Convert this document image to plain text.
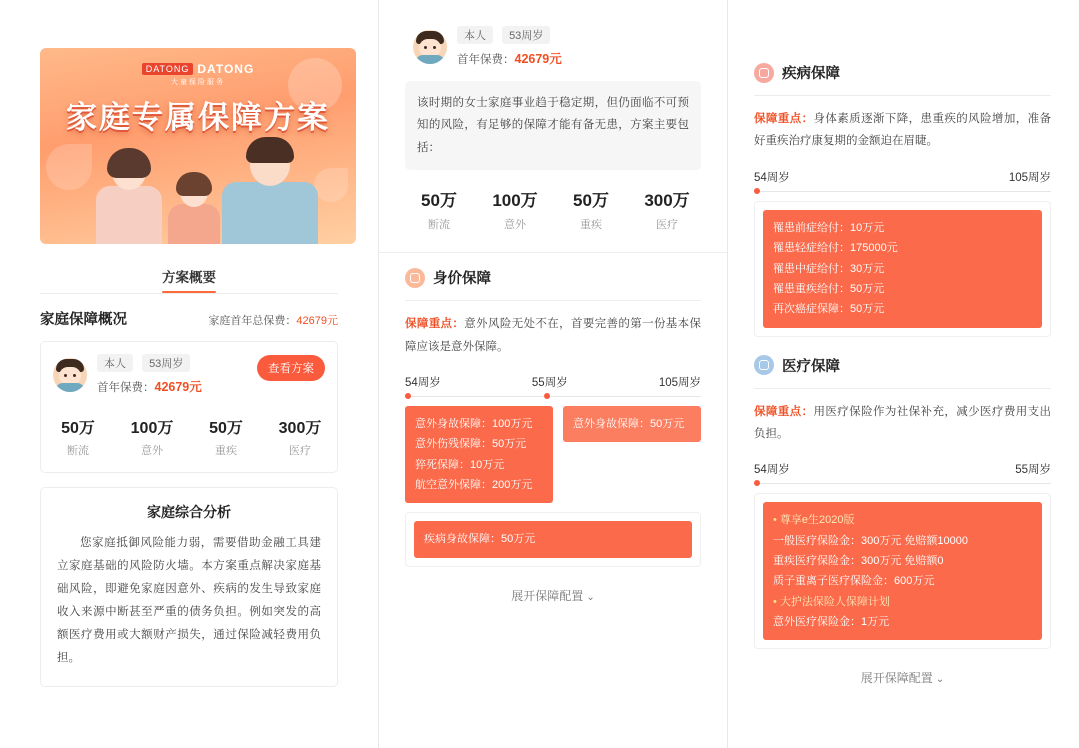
DATONG DATONG
大童保险服务
家庭专属保障方案
方案概要
家庭保障概况	家庭首年总保费：42679元
本人 53周岁
首年保费：42679元
查看方案
50万
断流
100万
意外
50万
重疾
300万
医疗
家庭综合分析
您家庭抵御风险能力弱，需要借助金融工具建立家庭基础的风险防火墙。本方案重点解决家庭基础风险，即避免家庭因意外、疾病的发生导致家庭收入来源中断甚至严重的债务负担。例如突发的高额医疗费用或大额财产损失，通过保险减轻费用负担。
本人 53周岁
首年保费：42679元
该时期的女士家庭事业趋于稳定期，但仍面临不可预知的风险，有足够的保障才能有备无患，方案主要包括：
50万
断流
100万
意外
50万
重疾
300万
医疗
身价保障
保障重点：意外风险无处不在，首要完善的第一份基本保障应该是意外保障。
54周岁	55周岁	105周岁
意外身故保障：100万元
意外伤残保障：50万元
猝死保障：10万元
航空意外保障：200万元
意外身故保障：50万元
疾病身故保障：50万元
展开保障配置 ⌄
疾病保障
保障重点：身体素质逐渐下降，患重疾的风险增加，准备好重疾治疗康复期的金额迫在眉睫。
54周岁	105周岁
罹患前症给付：10万元
罹患轻症给付：175000元
罹患中症给付：30万元
罹患重疾给付：50万元
再次癌症保障：50万元
医疗保障
保障重点：用医疗保险作为社保补充，减少医疗费用支出负担。
54周岁	55周岁
• 尊享e生2020版
一般医疗保险金：300万元 免赔额10000
重疾医疗保险金：300万元 免赔额0
质子重离子医疗保险金：600万元
• 大护法保险人保障计划
意外医疗保险金：1万元
展开保障配置 ⌄
